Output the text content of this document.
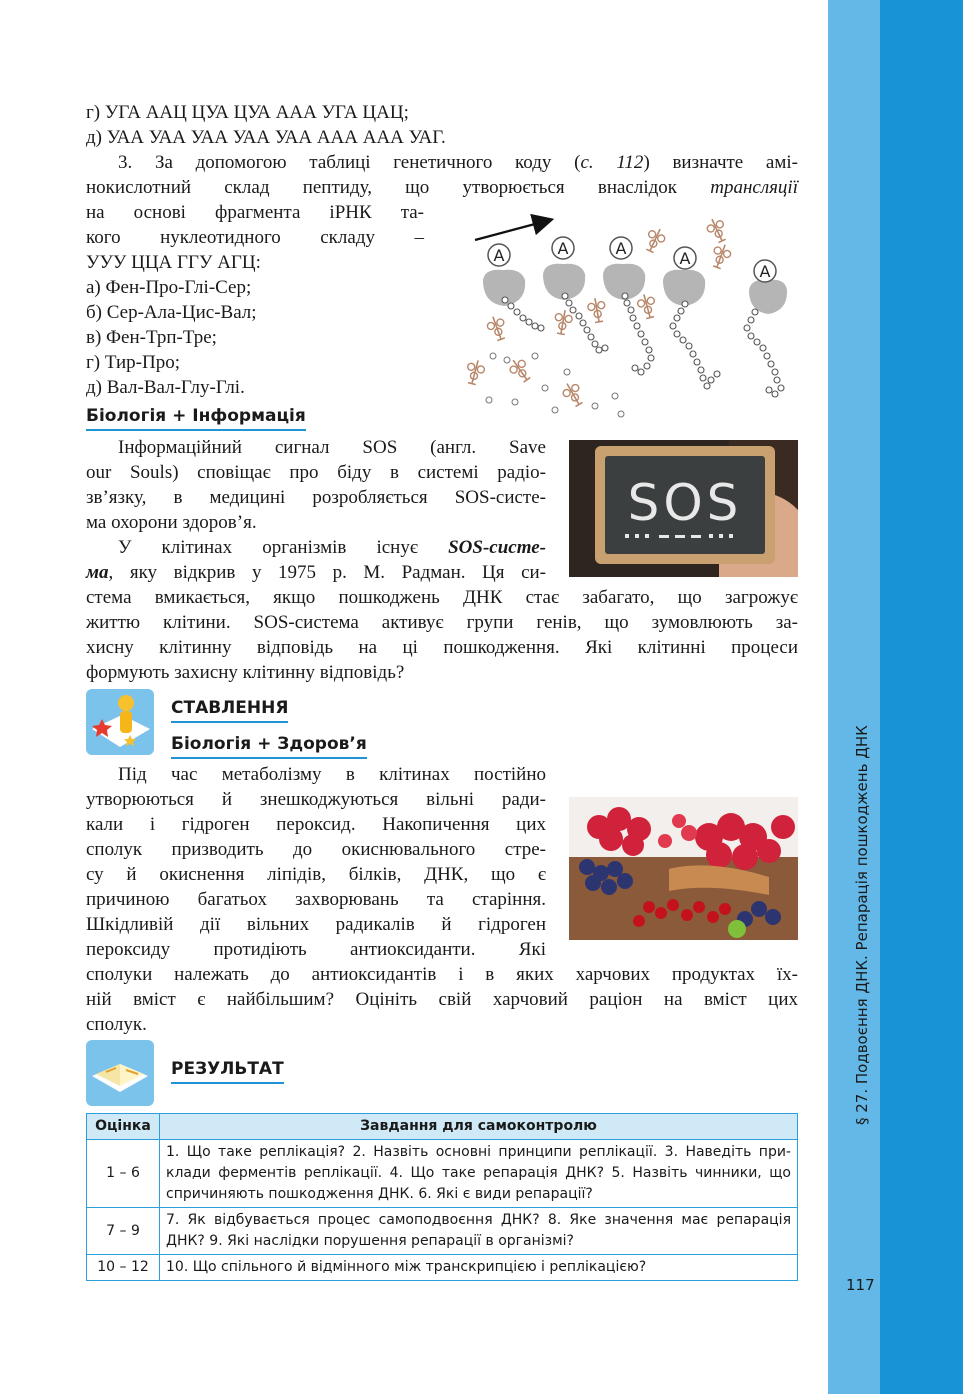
§ 27. Подвоєння ДНК. Репарація пошкоджень ДНК
117
г) УГА ААЦ ЦУА ЦУА ААА УГА ЦАЦ;
д) УАА УАА УАА УАА УАА ААА ААА УАГ.
3. За допомогою таблиці генетичного коду (с. 112) визначте амі-
нокислотний склад пептиду, що утворюється внаслідок трансляції
на основі фрагмента іРНК та-
кого нуклеотидного складу –
УУУ ЦЦА ГГУ АГЦ:
а) Фен-Про-Глі-Сер;
б) Сер-Ала-Цис-Вал;
в) Фен-Трп-Тре;
г) Тир-Про;
д) Вал-Вал-Глу-Глі.
A	A	A
A
A
Біологія + Інформація
Інформаційний сигнал SOS (англ. Save
our Souls) сповіщає про біду в системі радіо-
зв’язку, в медицині розробляється SOS-систе-
ма охорони здоров’я.
У клітинах організмів існує SOS-систе-
ма, яку відкрив у 1975 р. М. Радман. Ця си-
стема вмикається, якщо пошкоджень ДНК стає забагато, що загрожує
життю клітини. SOS-система активує групи генів, що зумовлюють за-
хисну клітинну відповідь на ці пошкодження. Які клітинні процеси
формують захисну клітинну відповідь?
SOS
СТАВЛЕННЯ
Біологія + Здоров’я
Під час метаболізму в клітинах постійно
утворюються й знешкоджуються вільні ради-
кали і гідроген пероксид. Накопичення цих
сполук призводить до окиснювального стре-
су й окиснення ліпідів, білків, ДНК, що є
причиною багатьох захворювань та старіння.
Шкідливій дії вільних радикалів й гідроген
пероксиду протидіють антиоксиданти. Які
сполуки належать до антиоксидантів і в яких харчових продуктах їх-
ній вміст є найбільшим? Оцініть свій харчовий раціон на вміст цих
сполук.
РЕЗУЛЬТАТ
Оцінка	Завдання для самоконтролю
1 – 6	1. Що таке реплікація? 2. Назвіть основні принципи реплікації. 3. Наведіть при-
клади ферментів реплікації. 4. Що таке репарація ДНК? 5. Назвіть чинники, що
спричиняють пошкодження ДНК. 6. Які є види репарації?

7 – 9	7. Як відбувається процес самоподвоєння ДНК? 8. Яке значення має репарація
ДНК? 9. Які наслідки порушення репарації в організмі?

10 – 12	10. Що спільного й відмінного між транскрипцією і реплікацією?
